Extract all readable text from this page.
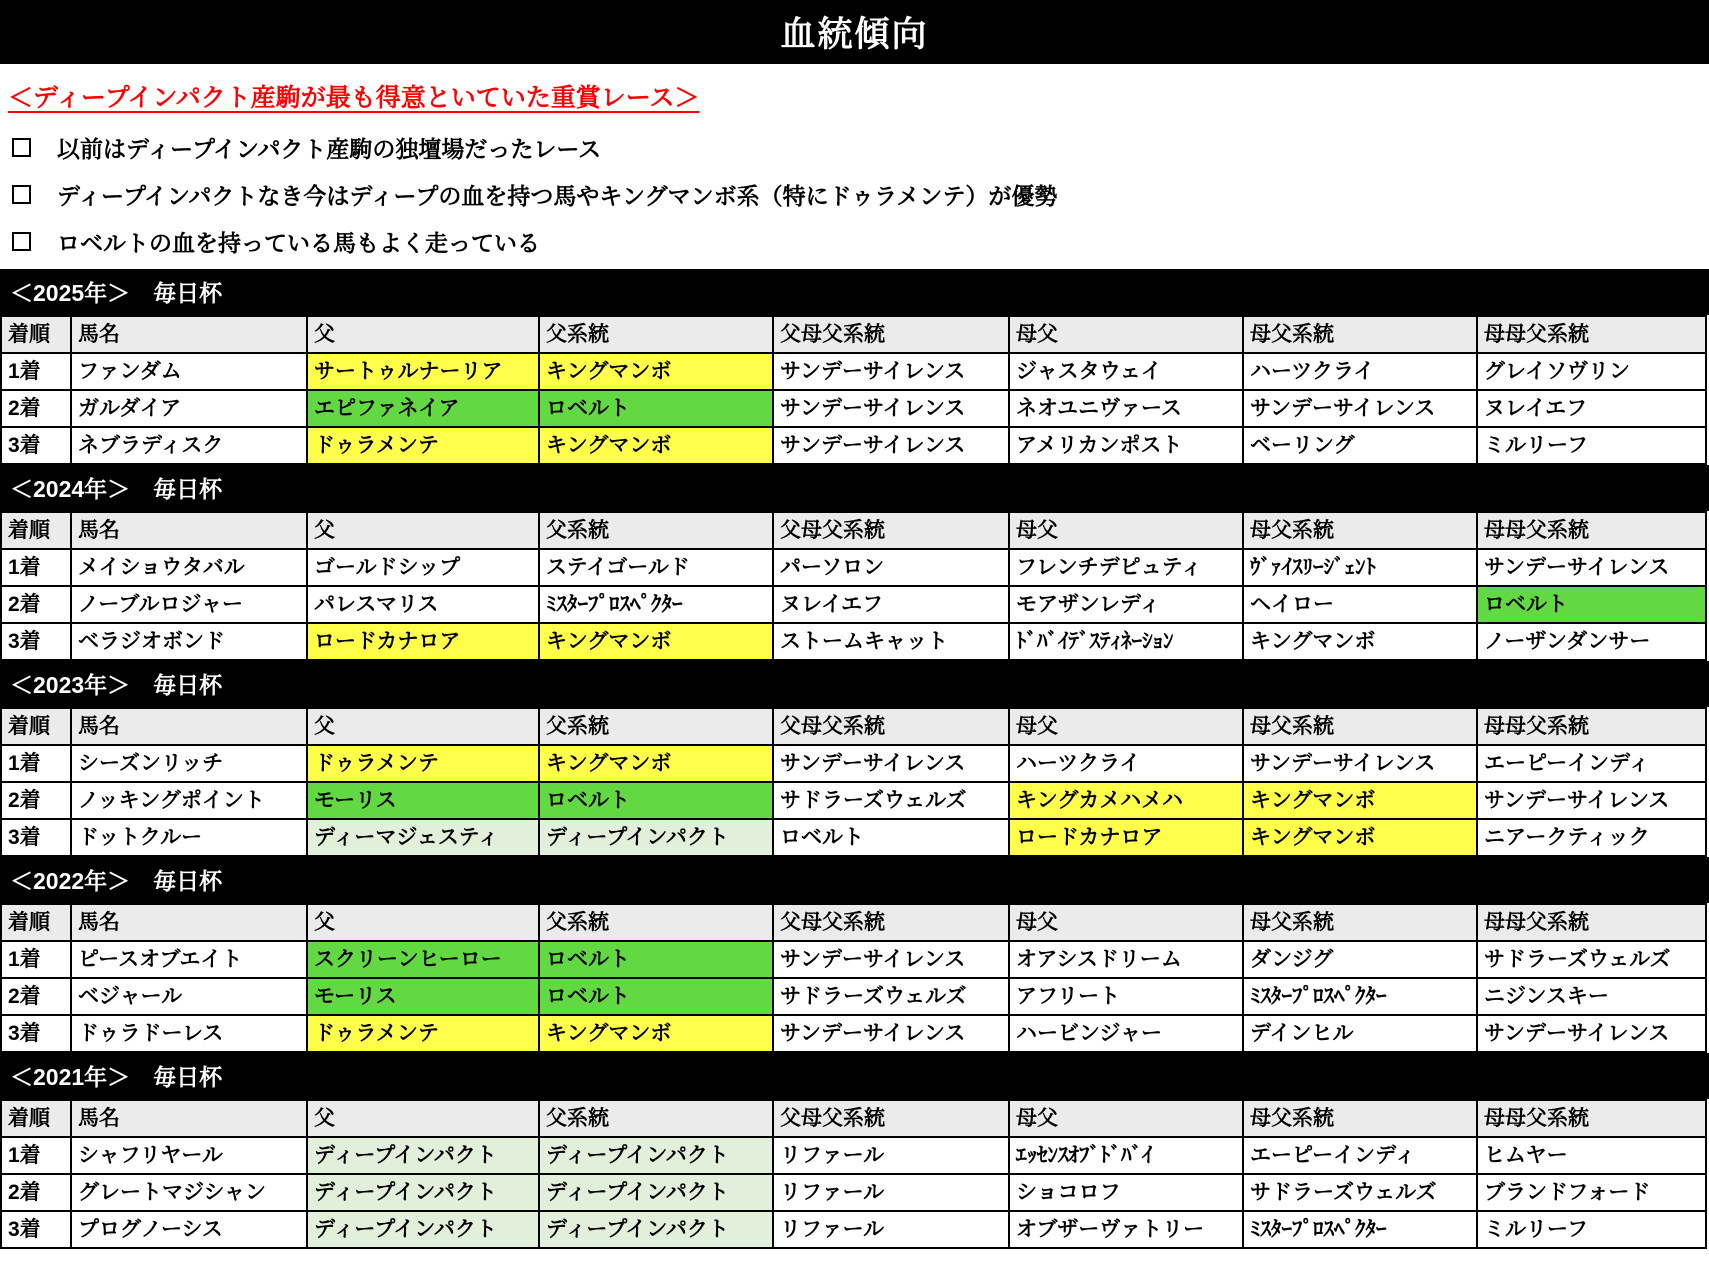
血統傾向
＜ディープインパクト産駒が最も得意といていた重賞レース＞
以前はディープインパクト産駒の独壇場だったレース
ディープインパクトなき今はディープの血を持つ馬やキングマンボ系（特にドゥラメンテ）が優勢
ロベルトの血を持っている馬もよく走っている
＜2025年＞　毎日杯
着順	馬名	父	父系統	父母父系統	母父	母父系統	母母父系統
1着	ファンダム	サートゥルナーリア	キングマンボ	サンデーサイレンス	ジャスタウェイ	ハーツクライ	グレイソヴリン
2着	ガルダイア	エピファネイア	ロベルト	サンデーサイレンス	ネオユニヴァース	サンデーサイレンス	ヌレイエフ
3着	ネブラディスク	ドゥラメンテ	キングマンボ	サンデーサイレンス	アメリカンポスト	ベーリング	ミルリーフ
＜2024年＞　毎日杯
着順	馬名	父	父系統	父母父系統	母父	母父系統	母母父系統
1着	メイショウタバル	ゴールドシップ	ステイゴールド	パーソロン	フレンチデピュティ	ｳﾞｧｲｽﾘｰｼﾞｪﾝﾄ	サンデーサイレンス
2着	ノーブルロジャー	パレスマリス	ﾐｽﾀｰﾌﾟﾛｽﾍﾟｸﾀｰ	ヌレイエフ	モアザンレディ	ヘイロー	ロベルト
3着	ベラジオボンド	ロードカナロア	キングマンボ	ストームキャット	ﾄﾞﾊﾞｲﾃﾞｽﾃｨﾈｰｼｮﾝ	キングマンボ	ノーザンダンサー
＜2023年＞　毎日杯
着順	馬名	父	父系統	父母父系統	母父	母父系統	母母父系統
1着	シーズンリッチ	ドゥラメンテ	キングマンボ	サンデーサイレンス	ハーツクライ	サンデーサイレンス	エーピーインディ
2着	ノッキングポイント	モーリス	ロベルト	サドラーズウェルズ	キングカメハメハ	キングマンボ	サンデーサイレンス
3着	ドットクルー	ディーマジェスティ	ディープインパクト	ロベルト	ロードカナロア	キングマンボ	ニアークティック
＜2022年＞　毎日杯
着順	馬名	父	父系統	父母父系統	母父	母父系統	母母父系統
1着	ピースオブエイト	スクリーンヒーロー	ロベルト	サンデーサイレンス	オアシスドリーム	ダンジグ	サドラーズウェルズ
2着	ベジャール	モーリス	ロベルト	サドラーズウェルズ	アフリート	ﾐｽﾀｰﾌﾟﾛｽﾍﾟｸﾀｰ	ニジンスキー
3着	ドゥラドーレス	ドゥラメンテ	キングマンボ	サンデーサイレンス	ハービンジャー	デインヒル	サンデーサイレンス
＜2021年＞　毎日杯
着順	馬名	父	父系統	父母父系統	母父	母父系統	母母父系統
1着	シャフリヤール	ディープインパクト	ディープインパクト	リファール	ｴｯｾﾝｽｵﾌﾞﾄﾞﾊﾞｲ	エーピーインディ	ヒムヤー
2着	グレートマジシャン	ディープインパクト	ディープインパクト	リファール	ショコロフ	サドラーズウェルズ	ブランドフォード
3着	プログノーシス	ディープインパクト	ディープインパクト	リファール	オブザーヴァトリー	ﾐｽﾀｰﾌﾟﾛｽﾍﾟｸﾀｰ	ミルリーフ
